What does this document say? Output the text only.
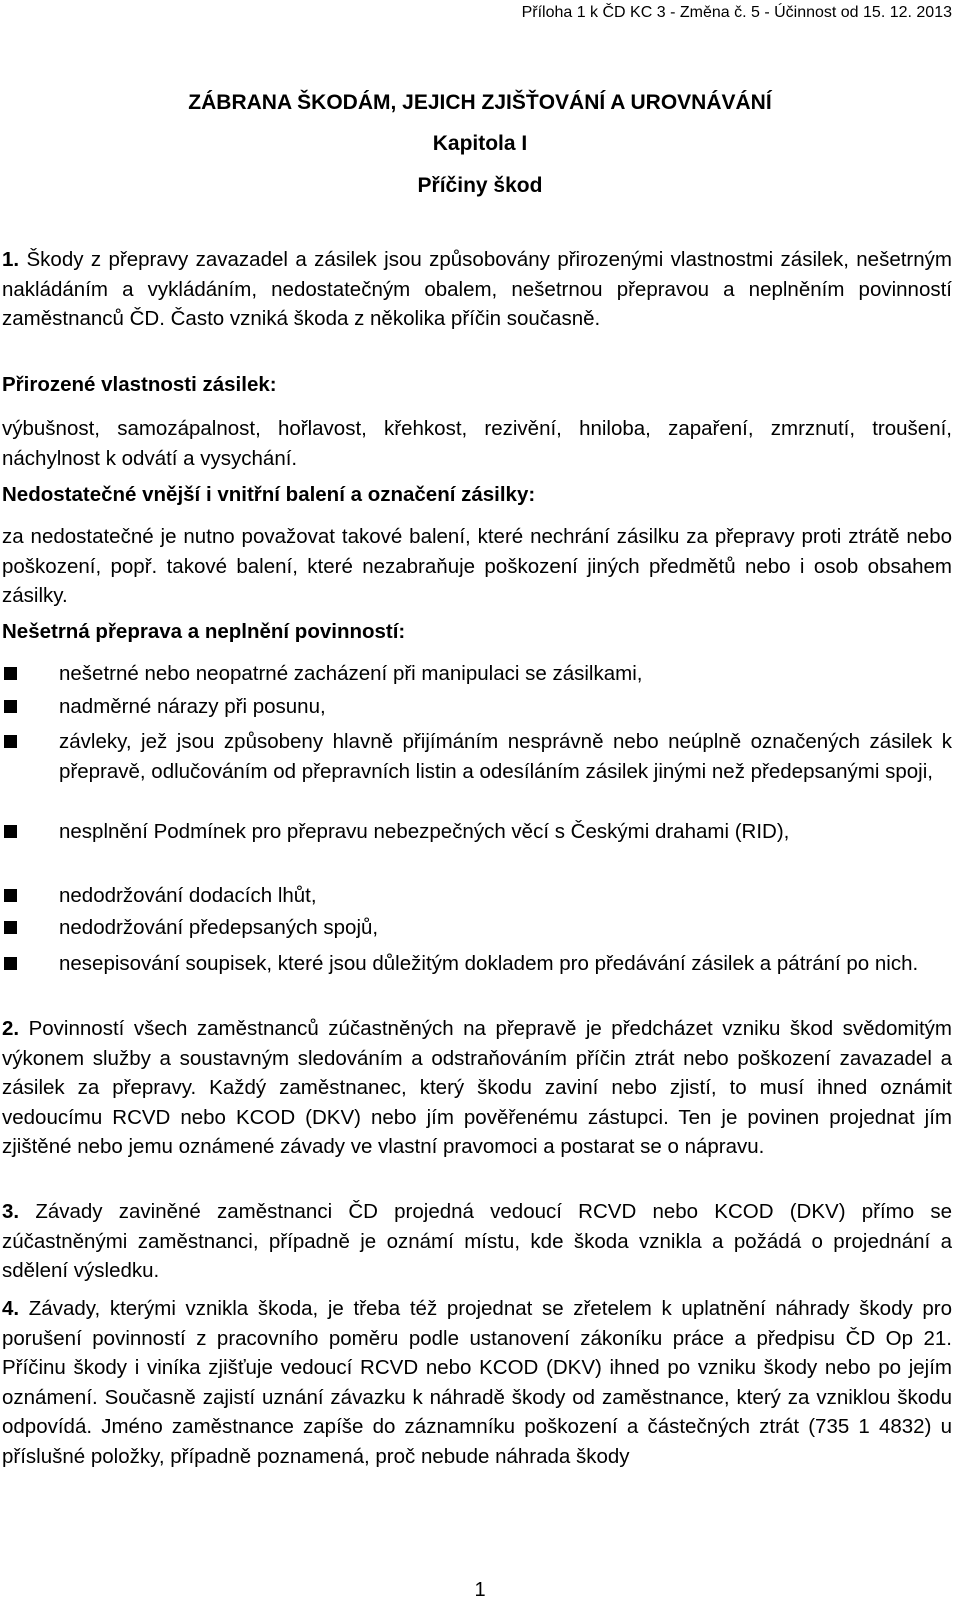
Příloha 1 k ČD KC 3 - Změna č. 5 - Účinnost od 15. 12. 2013
ZÁBRANA ŠKODÁM, JEJICH ZJIŠŤOVÁNÍ A UROVNÁVÁNÍ
Kapitola I
Příčiny škod
1. Škody z přepravy zavazadel a zásilek jsou způsobovány přirozenými vlastnostmi zásilek, nešetrným nakládáním a vykládáním, nedostatečným obalem, nešetrnou přepravou a neplněním povinností zaměstnanců ČD. Často vzniká škoda z několika příčin současně.
Přirozené vlastnosti zásilek:
výbušnost, samozápalnost, hořlavost, křehkost, rezivění, hniloba, zapaření, zmrznutí, troušení, náchylnost k odvátí a vysychání.
Nedostatečné vnější i vnitřní balení a označení zásilky:
za nedostatečné je nutno považovat takové balení, které nechrání zásilku za přepravy proti ztrátě nebo poškození, popř. takové balení, které nezabraňuje poškození jiných předmětů nebo i osob obsahem zásilky.
Nešetrná přeprava a neplnění povinností:
nešetrné nebo neopatrné zacházení při manipulaci se zásilkami,
nadměrné nárazy při posunu,
závleky, jež jsou způsobeny hlavně přijímáním nesprávně nebo neúplně označených zásilek k přepravě, odlučováním od přepravních listin a odesíláním zásilek jinými než předepsanými spoji,
nesplnění Podmínek pro přepravu nebezpečných věcí s Českými drahami (RID),
nedodržování dodacích lhůt,
nedodržování předepsaných spojů,
nesepisování soupisek, které jsou důležitým dokladem pro předávání zásilek a pátrání po nich.
2. Povinností všech zaměstnanců zúčastněných na přepravě je předcházet vzniku škod svědomitým výkonem služby a soustavným sledováním a odstraňováním příčin ztrát nebo poškození zavazadel a zásilek za přepravy. Každý zaměstnanec, který škodu zaviní nebo zjistí, to musí ihned oznámit vedoucímu RCVD nebo KCOD (DKV) nebo jím pověřenému zástupci. Ten je povinen projednat jím zjištěné nebo jemu oznámené závady ve vlastní pravomoci a postarat se o nápravu.
3. Závady zaviněné zaměstnanci ČD projedná vedoucí RCVD nebo KCOD (DKV) přímo se zúčastněnými zaměstnanci, případně je oznámí místu, kde škoda vznikla a požádá o projednání a sdělení výsledku.
4. Závady, kterými vznikla škoda, je třeba též projednat se zřetelem k uplatnění náhrady škody pro porušení povinností z pracovního poměru podle ustanovení zákoníku práce a předpisu ČD Op 21. Příčinu škody i viníka zjišťuje vedoucí RCVD nebo KCOD (DKV) ihned po vzniku škody nebo po jejím oznámení. Současně zajistí uznání závazku k náhradě škody od zaměstnance, který za vzniklou škodu odpovídá. Jméno zaměstnance zapíše do záznamníku poškození a částečných ztrát (735 1 4832) u příslušné položky, případně poznamená, proč nebude náhrada škody
1
